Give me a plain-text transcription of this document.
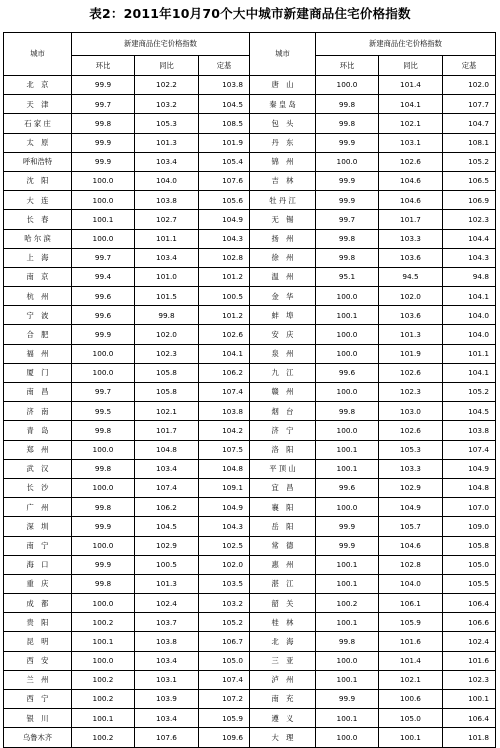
表2：2011年10月70个大中城市新建商品住宅价格指数
城市	新建商品住宅价格指数			城市	新建商品住宅价格指数		
	环比	同比	定基		环比	同比	定基
北　京	99.9	102.2	103.8	唐　山	100.0	101.4	102.0
天　津	99.7	103.2	104.5	秦 皇 岛	99.8	104.1	107.7
石 家 庄	99.8	105.3	108.5	包　头	99.8	102.1	104.7
太　原	99.9	101.3	101.9	丹　东	99.9	103.1	108.1
呼和浩特	99.9	103.4	105.4	锦　州	100.0	102.6	105.2
沈　阳	100.0	104.0	107.6	吉　林	99.9	104.6	106.5
大　连	100.0	103.8	105.6	牡 丹 江	99.9	104.6	106.9
长　春	100.1	102.7	104.9	无　锡	99.7	101.7	102.3
哈 尔 滨	100.0	101.1	104.3	扬　州	99.8	103.3	104.4
上　海	99.7	103.4	102.8	徐　州	99.8	103.6	104.3
南　京	99.4	101.0	101.2	温　州	95.1	94.5	94.8
杭　州	99.6	101.5	100.5	金　华	100.0	102.0	104.1
宁　波	99.6	99.8	101.2	蚌　埠	100.1	103.6	104.0
合　肥	99.9	102.0	102.6	安　庆	100.0	101.3	104.0
福　州	100.0	102.3	104.1	泉　州	100.0	101.9	101.1
厦　门	100.0	105.8	106.2	九　江	99.6	102.6	104.1
南　昌	99.7	105.8	107.4	赣　州	100.0	102.3	105.2
济　南	99.5	102.1	103.8	烟　台	99.8	103.0	104.5
青　岛	99.8	101.7	104.2	济　宁	100.0	102.6	103.8
郑　州	100.0	104.8	107.5	洛　阳	100.1	105.3	107.4
武　汉	99.8	103.4	104.8	平 顶 山	100.1	103.3	104.9
长　沙	100.0	107.4	109.1	宜　昌	99.6	102.9	104.8
广　州	99.8	106.2	104.9	襄　阳	100.0	104.9	107.0
深　圳	99.9	104.5	104.3	岳　阳	99.9	105.7	109.0
南　宁	100.0	102.9	102.5	常　德	99.9	104.6	105.8
海　口	99.9	100.5	102.0	惠　州	100.1	102.8	105.0
重　庆	99.8	101.3	103.5	湛　江	100.1	104.0	105.5
成　都	100.0	102.4	103.2	韶　关	100.2	106.1	106.4
贵　阳	100.2	103.7	105.2	桂　林	100.1	105.9	106.6
昆　明	100.1	103.8	106.7	北　海	99.8	101.6	102.4
西　安	100.0	103.4	105.0	三　亚	100.0	101.4	101.6
兰　州	100.2	103.1	107.4	泸　州	100.1	102.1	102.3
西　宁	100.2	103.9	107.2	南　充	99.9	100.6	100.1
银　川	100.1	103.4	105.9	遵　义	100.1	105.0	106.4
乌鲁木齐	100.2	107.6	109.6	大　理	100.0	100.1	101.8
